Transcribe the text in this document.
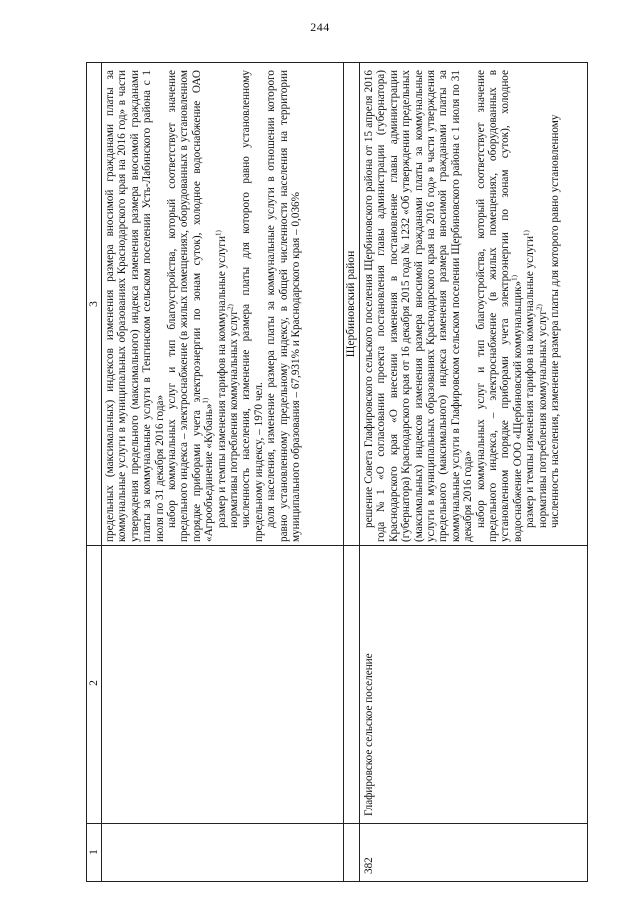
244
1
2
3 предельных (максимальных) индексов изменения размера вносимой гражданами платы за коммунальные услуги в муниципальных образованиях Краснодарского края на 2016 год» в части утверждения предельного (максимального) индекса изменения размера вносимой гражданами платы за коммунальные услуги в Тенгинском сельском поселении Усть-Лабинского района с 1 июля по 31 декабря 2016 года» набор коммунальных услуг и тип благоустройства, который соответствует значение предельного индекса – электроснабжение (в жилых помещениях, оборудованных в установленном порядке приборами учета электроэнергии по зонам суток), холодное водоснабжение ОАО «Агрообъединение «Кубань»$^{1)}$ размер и темпы изменения тарифов на коммунальные услуги$^{1)}$

нормативы потребления коммунальных услуг$^{2)}$ численность населения, изменение размера платы для которого равно установленному предельному индексу, – 1970 чел. доля населения, изменение размера платы за коммунальные услуги в отношении которого равно установленному предельному индексу, в общей численности населения на территории муниципального образования – 67,931% и Краснодарского края – 0,036%	Щербиновский район
382
Глафировское сельское поселение

решение Совета Глафировского сельского поселения Щербиновского района от 15 апреля 2016 года №1 «О согласовании проекта постановления главы администрации (губернатора) Краснодарского края «О внесении изменения в постановление главы администрации (губернатора) Краснодарского края от 16 декабря 2015 года № 1232 «Об утверждении предельных (максимальных) индексов изменения размера вносимой гражданами платы за коммунальные услуги в муниципальных образованиях Краснодарского края на 2016 год» в части утверждения предельного (максимального) индекса изменения размера вносимой гражданами платы за коммунальные услуги в Глафировском сельском поселении Щербиновского района с 1 июля по 31 декабря 2016 года» набор коммунальных услуг и тип благоустройства, который соответствует значение предельного индекса, – электроснабжение (в жилых помещениях, оборудованных в установленном порядке приборами учета электроэнергии по зонам суток), холодное водоснабжение ООО «Щербиновский коммунальщик»$^{1)}$ размер и темпы изменения тарифов на коммунальные услуги$^{1)}$

нормативы потребления коммунальных услуг$^{2)}$ численность населения, изменение размера платы для которого равно установленному
